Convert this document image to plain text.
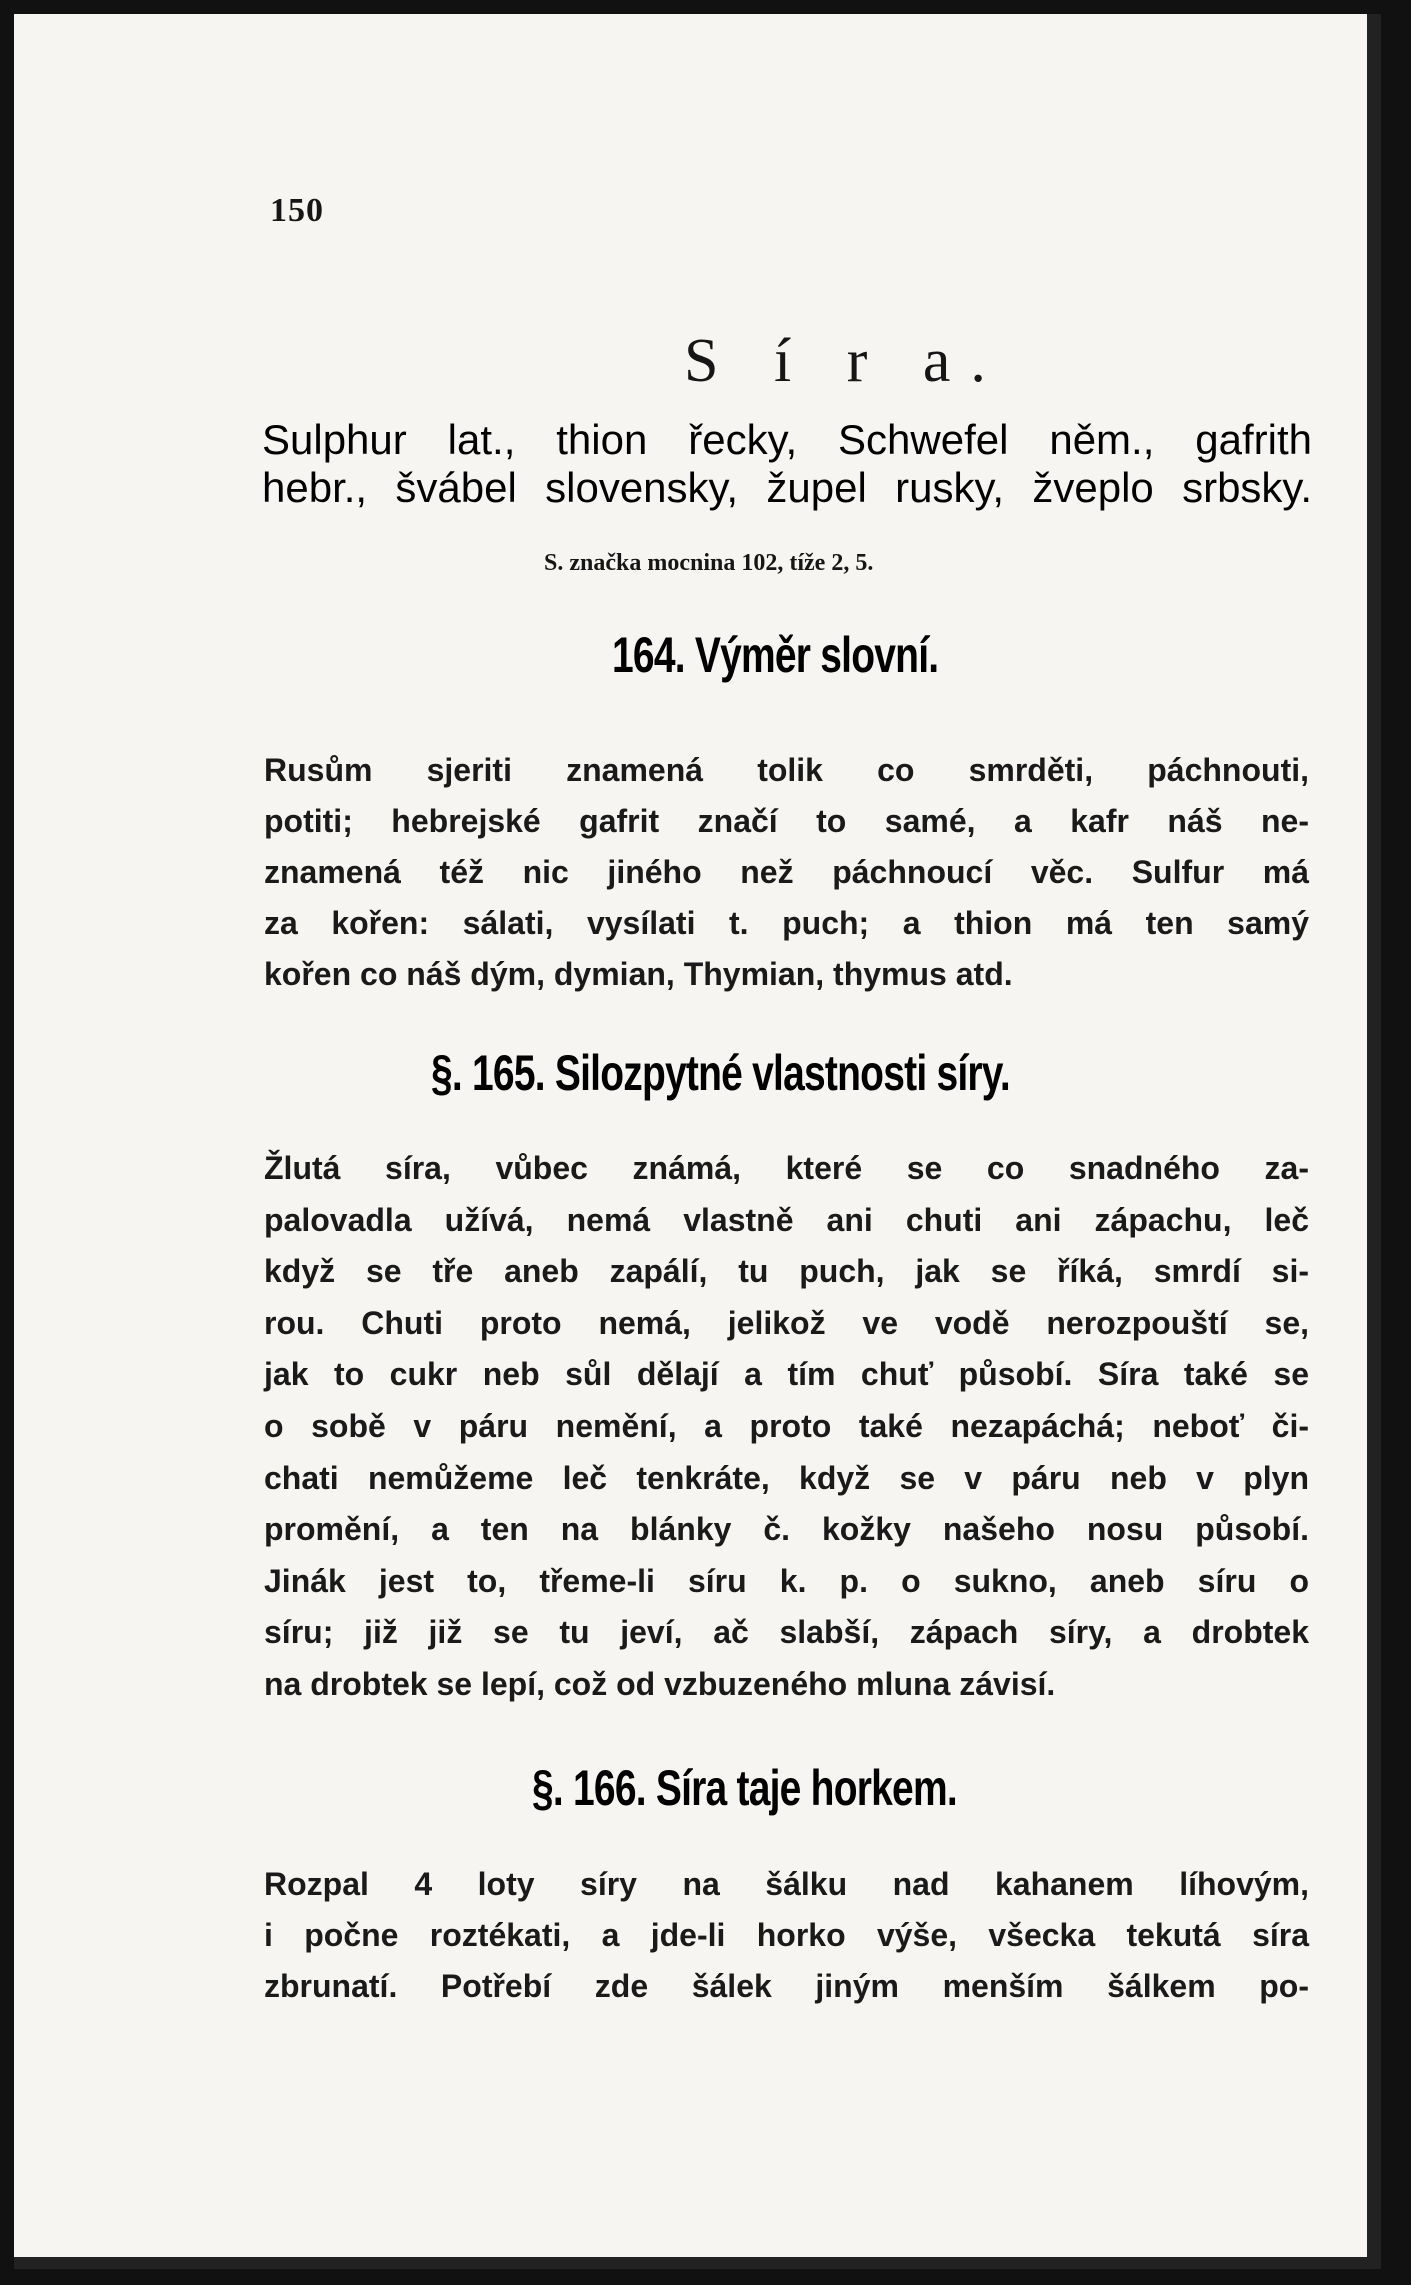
150
S í r a.
Sulphur lat., thion řecky, Schwefel něm., gafrith
hebr., švábel slovensky, župel rusky, žveplo srbsky.
S. značka mocnina 102, tíže 2, 5.
164. Výměr slovní.
Rusům sjeriti znamená tolik co smrděti, páchnouti,
potiti; hebrejské gafrit značí to samé, a kafr náš ne-
znamená též nic jiného než páchnoucí věc. Sulfur má
za kořen: sálati, vysílati t. puch; a thion má ten samý
kořen co náš dým, dymian, Thymian, thymus atd.
§. 165. Silozpytné vlastnosti síry.
Žlutá síra, vůbec známá, které se co snadného za-
palovadla užívá, nemá vlastně ani chuti ani zápachu, leč
když se tře aneb zapálí, tu puch, jak se říká, smrdí si-
rou. Chuti proto nemá, jelikož ve vodě nerozpouští se,
jak to cukr neb sůl dělají a tím chuť působí. Síra také se
o sobě v páru nemění, a proto také nezapáchá; neboť či-
chati nemůžeme leč tenkráte, když se v páru neb v plyn
promění, a ten na blánky č. kožky našeho nosu působí.
Jinák jest to, třeme-li síru k. p. o sukno, aneb síru o
síru; již již se tu jeví, ač slabší, zápach síry, a drobtek
na drobtek se lepí, což od vzbuzeného mluna závisí.
§. 166. Síra taje horkem.
Rozpal 4 loty síry na šálku nad kahanem líhovým,
i počne roztékati, a jde-li horko výše, všecka tekutá síra
zbrunatí. Potřebí zde šálek jiným menším šálkem po-
